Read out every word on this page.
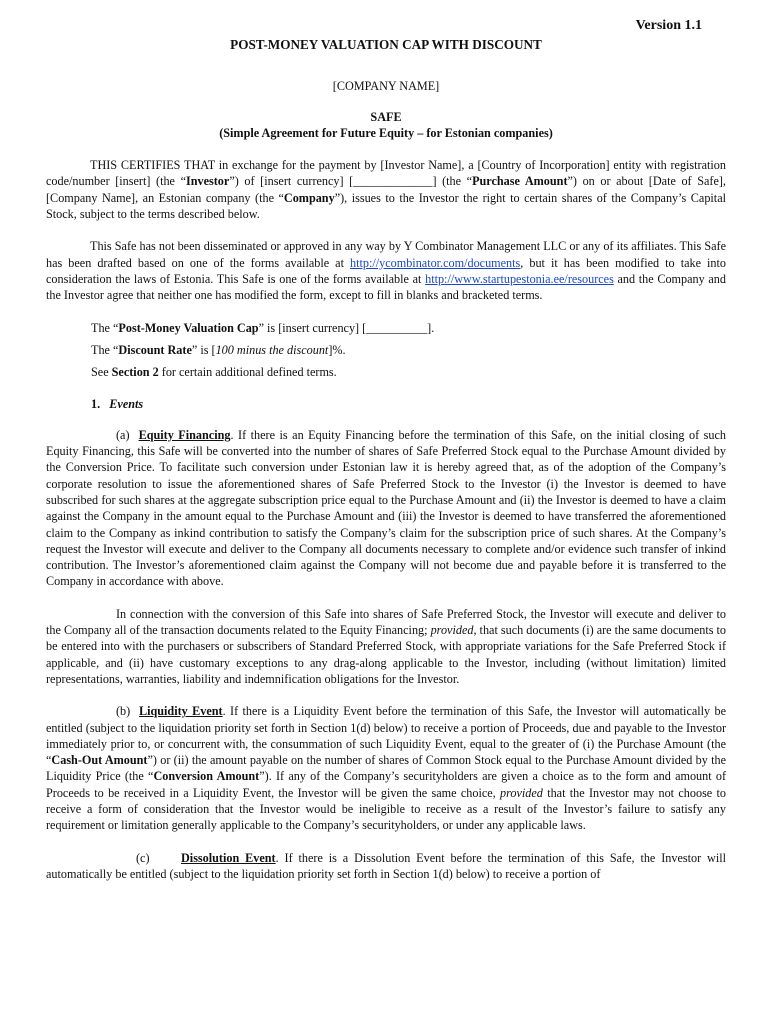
Version 1.1
POST-MONEY VALUATION CAP WITH DISCOUNT
[COMPANY NAME]
SAFE
(Simple Agreement for Future Equity – for Estonian companies)

THIS CERTIFIES THAT in exchange for the payment by [Investor Name], a [Country of Incorporation] entity with registration code/number [insert] (the “Investor”) of [insert currency] [_____________] (the “Purchase Amount”) on or about [Date of Safe], [Company Name], an Estonian company (the “Company”), issues to the Investor the right to certain shares of the Company’s Capital Stock, subject to the terms described below.

This Safe has not been disseminated or approved in any way by Y Combinator Management LLC or any of its affiliates. This Safe has been drafted based on one of the forms available at http://ycombinator.com/documents, but it has been modified to take into consideration the laws of Estonia. This Safe is one of the forms available at http://www.startupestonia.ee/resources and the Company and the Investor agree that neither one has modified the form, except to fill in blanks and bracketed terms.

The “Post-Money Valuation Cap” is [insert currency] [__________].

The “Discount Rate” is [100 minus the discount]%.

See Section 2 for certain additional defined terms.

1. Events

(a) Equity Financing. If there is an Equity Financing before the termination of this Safe, on the initial closing of such Equity Financing, this Safe will be converted into the number of shares of Safe Preferred Stock equal to the Purchase Amount divided by the Conversion Price. To facilitate such conversion under Estonian law it is hereby agreed that, as of the adoption of the Company’s corporate resolution to issue the aforementioned shares of Safe Preferred Stock to the Investor (i) the Investor is deemed to have subscribed for such shares at the aggregate subscription price equal to the Purchase Amount and (ii) the Investor is deemed to have a claim against the Company in the amount equal to the Purchase Amount and (iii) the Investor is deemed to have transferred the aforementioned claim to the Company as inkind contribution to satisfy the Company’s claim for the subscription price of such shares. At the Company’s request the Investor will execute and deliver to the Company all documents necessary to complete and/or evidence such transfer of inkind contribution. The Investor’s aforementioned claim against the Company will not become due and payable before it is transferred to the Company in accordance with above.

In connection with the conversion of this Safe into shares of Safe Preferred Stock, the Investor will execute and deliver to the Company all of the transaction documents related to the Equity Financing; provided, that such documents (i) are the same documents to be entered into with the purchasers or subscribers of Standard Preferred Stock, with appropriate variations for the Safe Preferred Stock if applicable, and (ii) have customary exceptions to any drag-along applicable to the Investor, including (without limitation) limited representations, warranties, liability and indemnification obligations for the Investor.

(b) Liquidity Event. If there is a Liquidity Event before the termination of this Safe, the Investor will automatically be entitled (subject to the liquidation priority set forth in Section 1(d) below) to receive a portion of Proceeds, due and payable to the Investor immediately prior to, or concurrent with, the consummation of such Liquidity Event, equal to the greater of (i) the Purchase Amount (the “Cash-Out Amount”) or (ii) the amount payable on the number of shares of Common Stock equal to the Purchase Amount divided by the Liquidity Price (the “Conversion Amount”). If any of the Company’s securityholders are given a choice as to the form and amount of Proceeds to be received in a Liquidity Event, the Investor will be given the same choice, provided that the Investor may not choose to receive a form of consideration that the Investor would be ineligible to receive as a result of the Investor’s failure to satisfy any requirement or limitation generally applicable to the Company’s securityholders, or under any applicable laws.

(c)	Dissolution Event. If there is a Dissolution Event before the termination of this Safe, the Investor will automatically be entitled (subject to the liquidation priority set forth in Section 1(d) below) to receive a portion of
